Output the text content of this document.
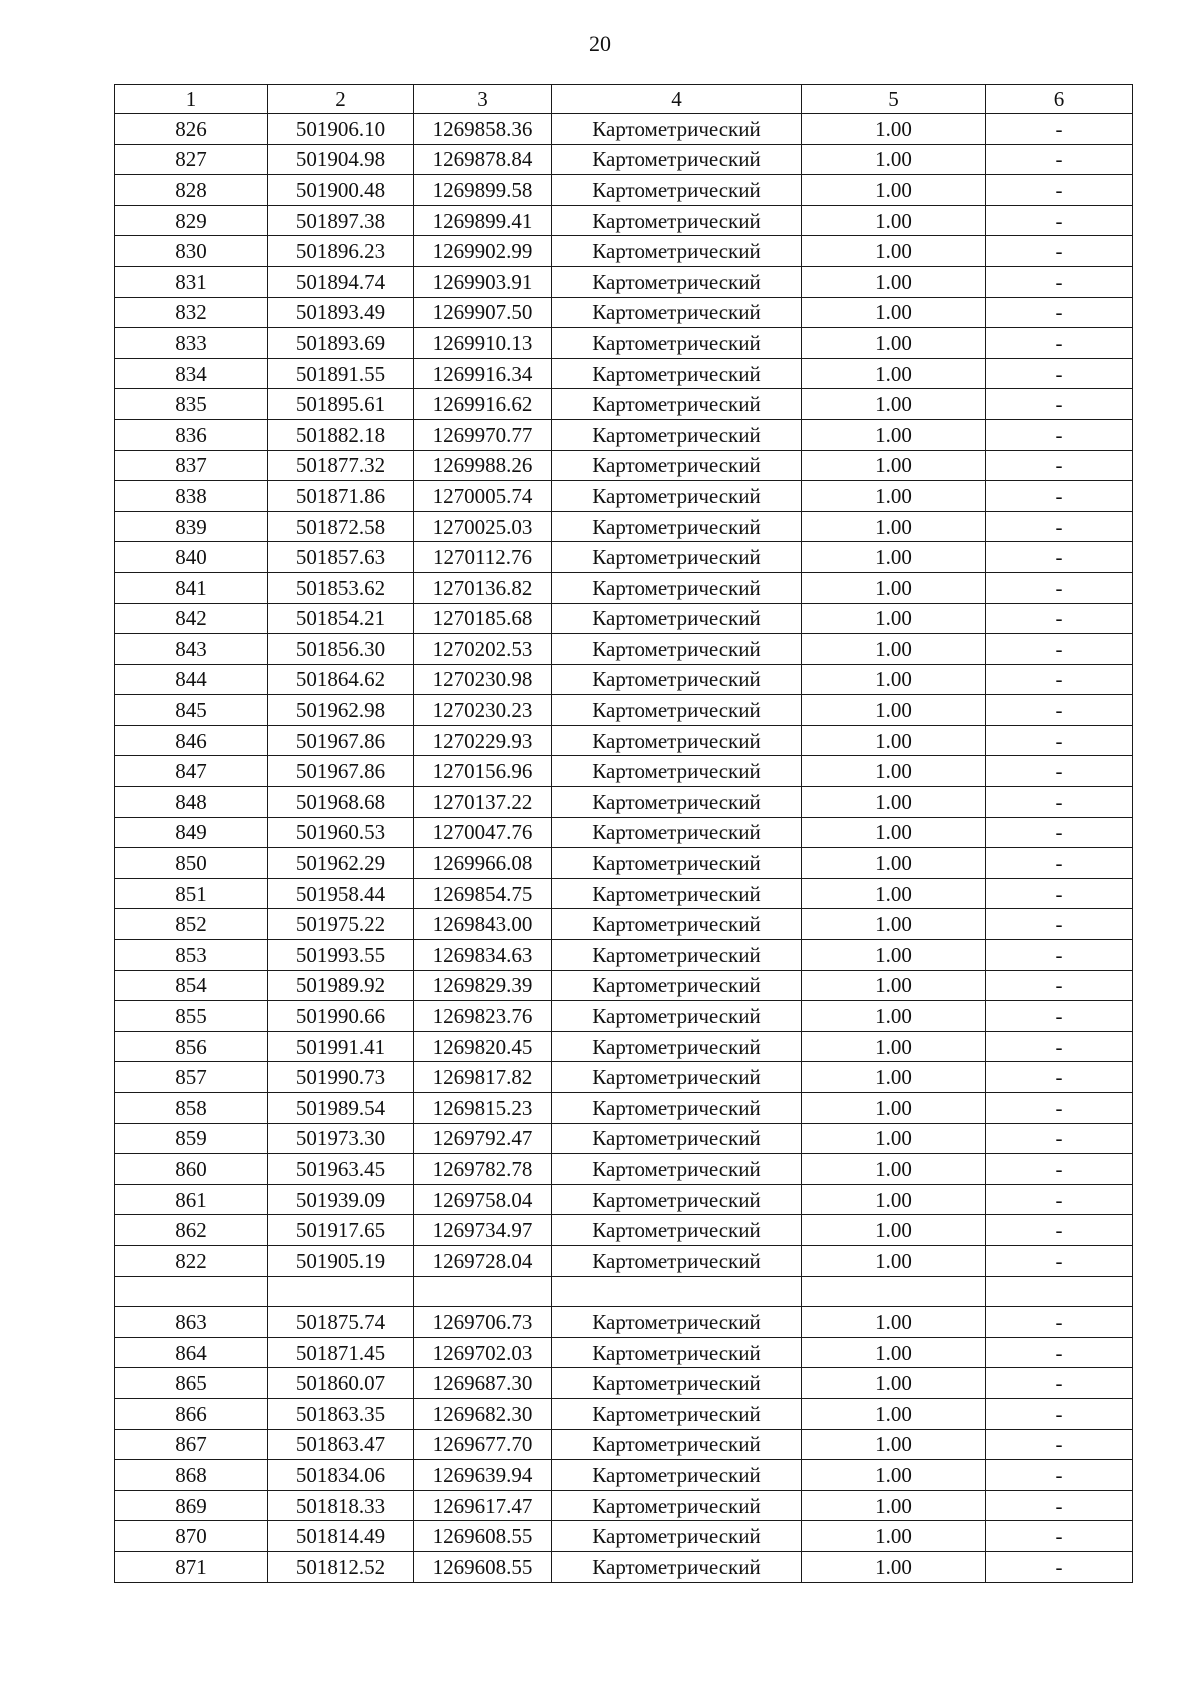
20
1	2	3	4	5	6
826	501906.10	1269858.36	Картометрический	1.00	-
827	501904.98	1269878.84	Картометрический	1.00	-
828	501900.48	1269899.58	Картометрический	1.00	-
829	501897.38	1269899.41	Картометрический	1.00	-
830	501896.23	1269902.99	Картометрический	1.00	-
831	501894.74	1269903.91	Картометрический	1.00	-
832	501893.49	1269907.50	Картометрический	1.00	-
833	501893.69	1269910.13	Картометрический	1.00	-
834	501891.55	1269916.34	Картометрический	1.00	-
835	501895.61	1269916.62	Картометрический	1.00	-
836	501882.18	1269970.77	Картометрический	1.00	-
837	501877.32	1269988.26	Картометрический	1.00	-
838	501871.86	1270005.74	Картометрический	1.00	-
839	501872.58	1270025.03	Картометрический	1.00	-
840	501857.63	1270112.76	Картометрический	1.00	-
841	501853.62	1270136.82	Картометрический	1.00	-
842	501854.21	1270185.68	Картометрический	1.00	-
843	501856.30	1270202.53	Картометрический	1.00	-
844	501864.62	1270230.98	Картометрический	1.00	-
845	501962.98	1270230.23	Картометрический	1.00	-
846	501967.86	1270229.93	Картометрический	1.00	-
847	501967.86	1270156.96	Картометрический	1.00	-
848	501968.68	1270137.22	Картометрический	1.00	-
849	501960.53	1270047.76	Картометрический	1.00	-
850	501962.29	1269966.08	Картометрический	1.00	-
851	501958.44	1269854.75	Картометрический	1.00	-
852	501975.22	1269843.00	Картометрический	1.00	-
853	501993.55	1269834.63	Картометрический	1.00	-
854	501989.92	1269829.39	Картометрический	1.00	-
855	501990.66	1269823.76	Картометрический	1.00	-
856	501991.41	1269820.45	Картометрический	1.00	-
857	501990.73	1269817.82	Картометрический	1.00	-
858	501989.54	1269815.23	Картометрический	1.00	-
859	501973.30	1269792.47	Картометрический	1.00	-
860	501963.45	1269782.78	Картометрический	1.00	-
861	501939.09	1269758.04	Картометрический	1.00	-
862	501917.65	1269734.97	Картометрический	1.00	-
822	501905.19	1269728.04	Картометрический	1.00	-

863	501875.74	1269706.73	Картометрический	1.00	-
864	501871.45	1269702.03	Картометрический	1.00	-
865	501860.07	1269687.30	Картометрический	1.00	-
866	501863.35	1269682.30	Картометрический	1.00	-
867	501863.47	1269677.70	Картометрический	1.00	-
868	501834.06	1269639.94	Картометрический	1.00	-
869	501818.33	1269617.47	Картометрический	1.00	-
870	501814.49	1269608.55	Картометрический	1.00	-
871	501812.52	1269608.55	Картометрический	1.00	-
